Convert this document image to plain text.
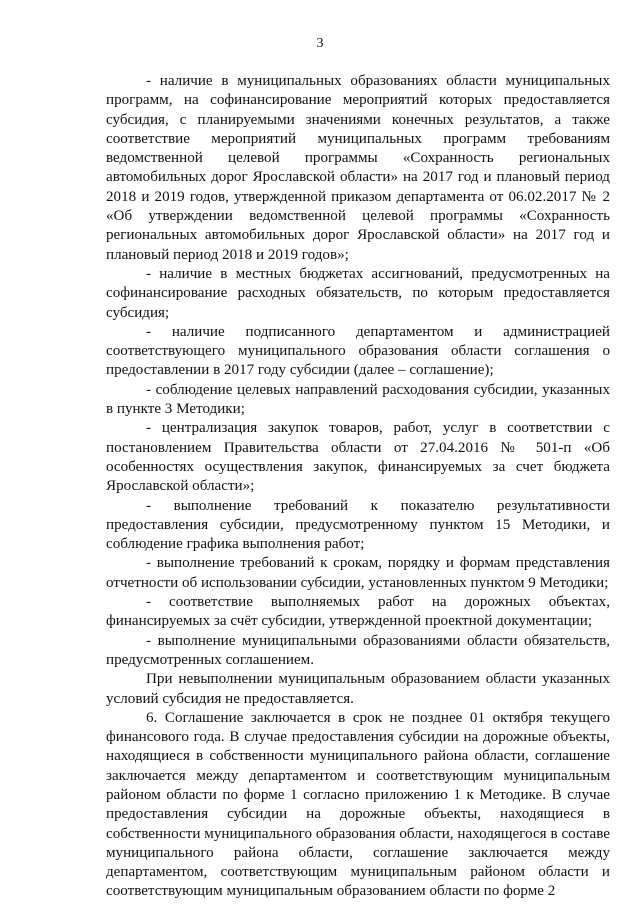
3

- наличие в муниципальных образованиях области муниципальных программ, на софинансирование мероприятий которых предоставляется субсидия, с планируемыми значениями конечных результатов, а также соответствие мероприятий муниципальных программ требованиям ведомственной целевой программы «Сохранность региональных автомобильных дорог Ярославской области» на 2017 год и плановый период 2018 и 2019 годов, утвержденной приказом департамента от 06.02.2017 № 2 «Об утверждении ведомственной целевой программы «Сохранность региональных автомобильных дорог Ярославской области» на 2017 год и плановый период 2018 и 2019 годов»;

- наличие в местных бюджетах ассигнований, предусмотренных на софинансирование расходных обязательств, по которым предоставляется субсидия;

- наличие подписанного департаментом и администрацией соответствующего муниципального образования области соглашения о предоставлении в 2017 году субсидии (далее – соглашение);

- соблюдение целевых направлений расходования субсидии, указанных в пункте 3 Методики;

- централизация закупок товаров, работ, услуг в соответствии с постановлением Правительства области от 27.04.2016 № 501-п «Об особенностях осуществления закупок, финансируемых за счет бюджета Ярославской области»;

- выполнение требований к показателю результативности предоставления субсидии, предусмотренному пунктом 15 Методики, и соблюдение графика выполнения работ;

- выполнение требований к срокам, порядку и формам представления отчетности об использовании субсидии, установленных пунктом 9 Методики;

- соответствие выполняемых работ на дорожных объектах, финансируемых за счёт субсидии, утвержденной проектной документации;

- выполнение муниципальными образованиями области обязательств, предусмотренных соглашением.

При невыполнении муниципальным образованием области указанных условий субсидия не предоставляется.

6. Соглашение заключается в срок не позднее 01 октября текущего финансового года. В случае предоставления субсидии на дорожные объекты, находящиеся в собственности муниципального района области, соглашение заключается между департаментом и соответствующим муниципальным районом области по форме 1 согласно приложению 1 к Методике. В случае предоставления субсидии на дорожные объекты, находящиеся в собственности муниципального образования области, находящегося в составе муниципального района области, соглашение заключается между департаментом, соответствующим муниципальным районом области и соответствующим муниципальным образованием области по форме 2
